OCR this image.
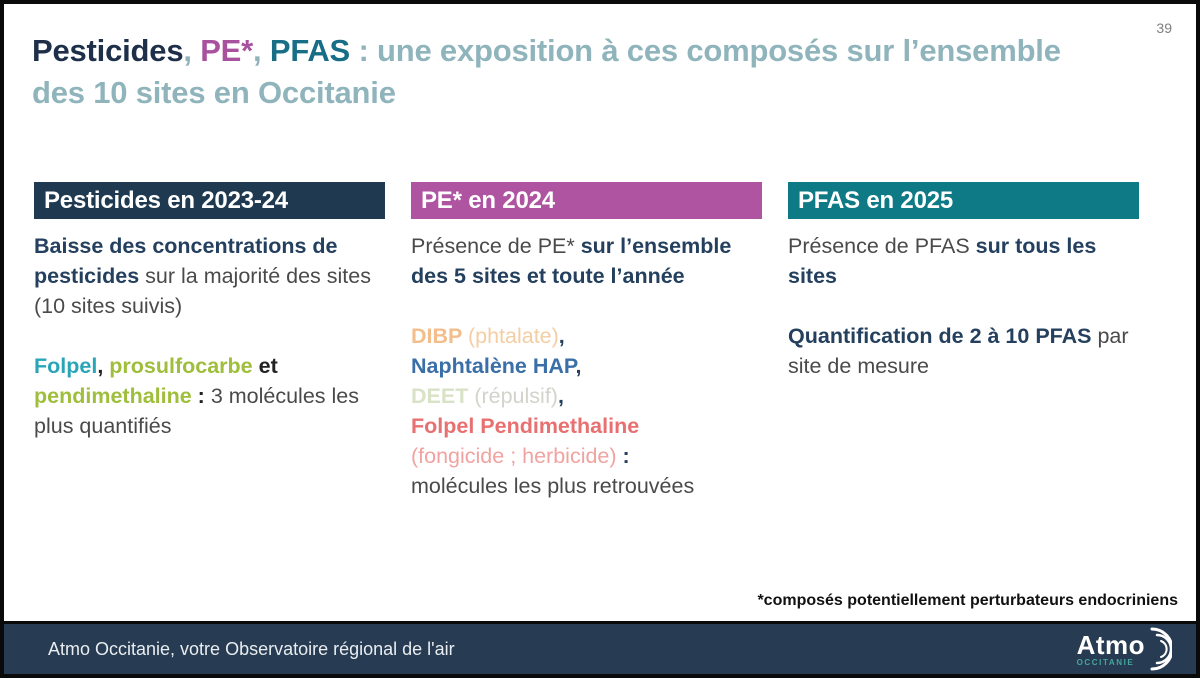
39
Pesticides, PE*, PFAS : une exposition à ces composés sur l’ensemble
des 10 sites en Occitanie
Pesticides en 2023-24

Baisse des concentrations de pesticides sur la majorité des sites (10 sites suivis)

Folpel, prosulfocarbe et pendimethaline : 3 molécules les plus quantifiés

PE* en 2024

Présence de PE* sur l’ensemble des 5 sites et toute l’année

DIBP (phtalate),
Naphtalène HAP,
DEET (répulsif),
Folpel Pendimethaline
(fongicide ; herbicide) :
molécules les plus retrouvées

PFAS en 2025

Présence de PFAS sur tous les sites

Quantification de 2 à 10 PFAS par site de mesure

*composés potentiellement perturbateurs endocriniens
Atmo Occitanie, votre Observatoire régional de l'air	Atmo
OCCITANIE
